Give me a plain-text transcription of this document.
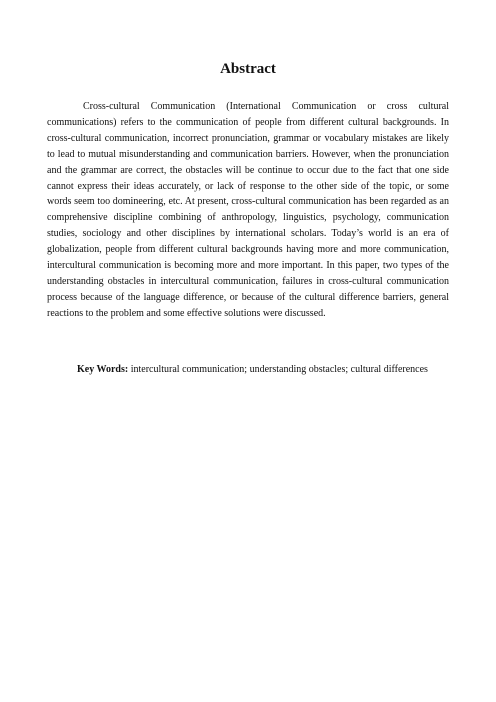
Abstract

Cross-cultural Communication (International Communication or cross cultural communications) refers to the communication of people from different cultural backgrounds. In cross-cultural communication, incorrect pronunciation, grammar or vocabulary mistakes are likely to lead to mutual misunderstanding and communication barriers. However, when the pronunciation and the grammar are correct, the obstacles will be continue to occur due to the fact that one side cannot express their ideas accurately, or lack of response to the other side of the topic, or some words seem too domineering, etc. At present, cross-cultural communication has been regarded as an comprehensive discipline combining of anthropology, linguistics, psychology, communication studies, sociology and other disciplines by international scholars. Today’s world is an era of globalization, people from different cultural backgrounds having more and more communication,   intercultural communication is becoming more and more important. In this paper, two types of the understanding obstacles in intercultural communication, failures in cross-cultural communication process because of the language difference, or because of the cultural difference barriers, general reactions to the problem and some effective solutions were discussed.

Key Words: intercultural communication; understanding obstacles; cultural differences
